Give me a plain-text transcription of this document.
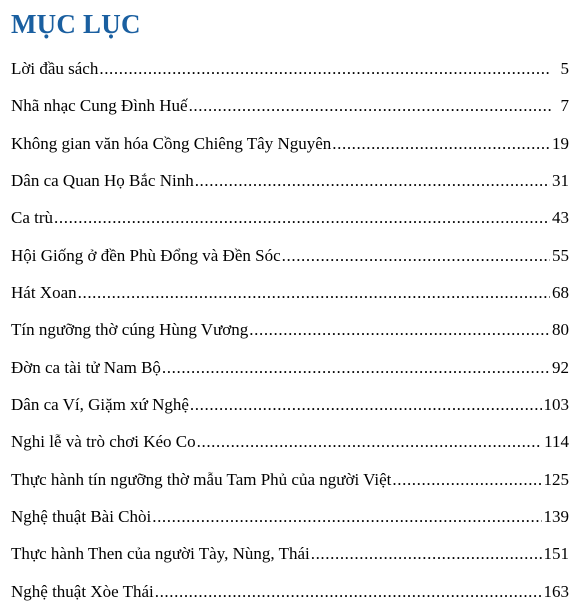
MỤC LỤC
Lời đầu sách .....	5
Nhã nhạc Cung Đình Huế .....	7
Không gian văn hóa Cồng Chiêng Tây Nguyên .....	19
Dân ca Quan Họ Bắc Ninh .....	31
Ca trù .....	43
Hội Giống ở đền Phù Đổng và Đền Sóc .....	55
Hát Xoan .....	68
Tín ngưỡng thờ cúng Hùng Vương .....	80
Đờn ca tài tử Nam Bộ .....	92
Dân ca Ví, Giặm xứ Nghệ .....	103
Nghi lễ và trò chơi Kéo Co .....	114
Thực hành tín ngưỡng thờ mẫu Tam Phủ của người Việt .....	125
Nghệ thuật Bài Chòi .....	139
Thực hành Then của người Tày, Nùng, Thái .....	151
Nghệ thuật Xòe Thái .....	163
